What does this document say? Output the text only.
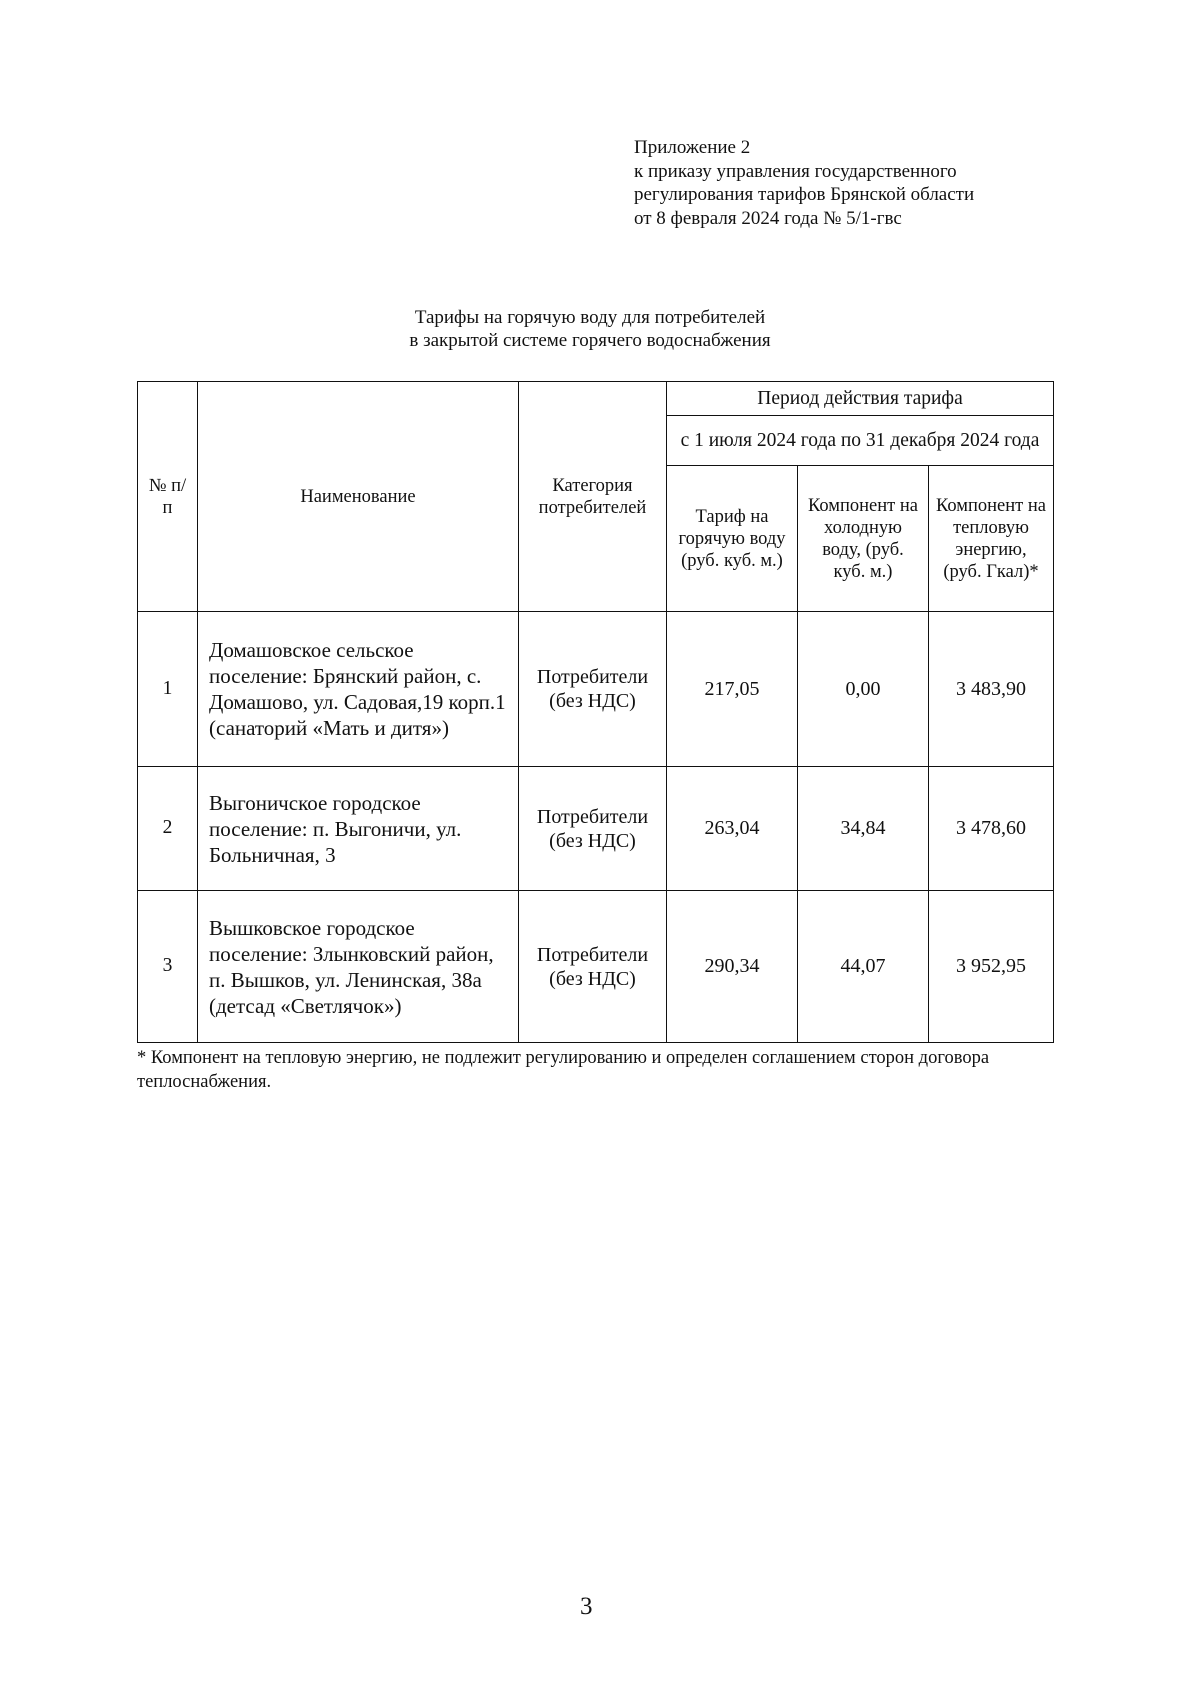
Приложение 2
к приказу управления государственного
регулирования тарифов Брянской области
от 8 февраля 2024 года № 5/1-гвс
Тарифы на горячую воду для потребителей
в закрытой системе горячего водоснабжения
№ п/п	Наименование	Категория потребителей	Период действия тарифа		

			с 1 июля 2024 года по 31 декабря 2024 года		

			Тариф на горячую воду (руб. куб. м.)	Компонент на холодную воду, (руб. куб. м.)	Компонент на тепловую энергию, (руб. Гкал)*

1	Домашовское сельское поселение: Брянский район, с. Домашово, ул. Садовая,19 корп.1 (санаторий «Мать и дитя»)	Потребители (без НДС)	217,05	0,00	3 483,90
2	Выгоничское городское поселение: п. Выгоничи, ул. Больничная, 3	Потребители (без НДС)	263,04	34,84	3 478,60
3	Вышковское городское поселение: Злынковский район, п. Вышков, ул. Ленинская, 38а (детсад «Светлячок»)	Потребители (без НДС)	290,34	44,07	3 952,95
* Компонент на тепловую энергию, не подлежит регулированию и определен соглашением сторон договора теплоснабжения.
3
